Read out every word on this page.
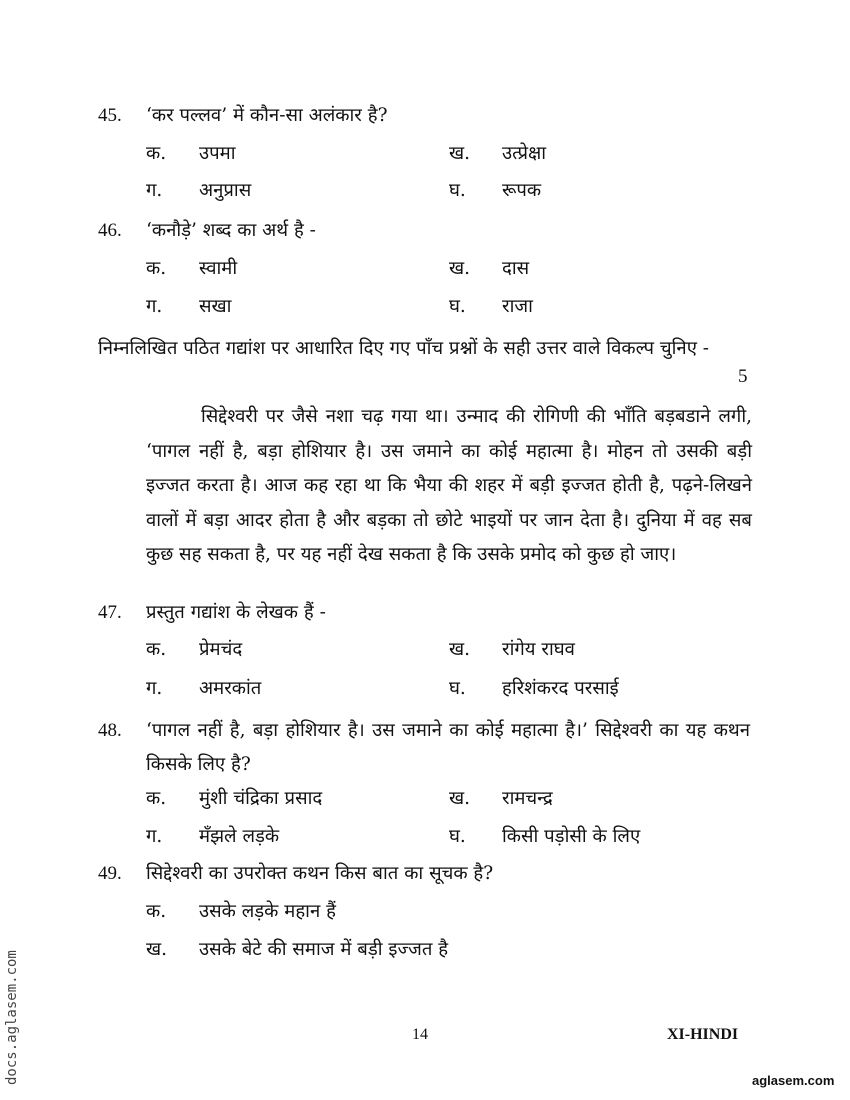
45.	‘कर पल्लव’ में कौन-सा अलंकार है?
क. उपमा	ख. उत्प्रेक्षा
ग. अनुप्रास	घ. रूपक
46.	‘कनौड़े’ शब्द का अर्थ है -
क. स्वामी	ख. दास
ग. सखा	घ. राजा
निम्नलिखित पठित गद्यांश पर आधारित दिए गए पाँच प्रश्नों के सही उत्तर वाले विकल्प चुनिए -
5
सिद्देश्वरी पर जैसे नशा चढ़ गया था। उन्माद की रोगिणी की भाँति बड़बडाने लगी, ‘पागल नहीं है, बड़ा होशियार है। उस जमाने का कोई महात्मा है। मोहन तो उसकी बड़ी इज्जत करता है। आज कह रहा था कि भैया की शहर में बड़ी इज्जत होती है, पढ़ने-लिखने वालों में बड़ा आदर होता है और बड़का तो छोटे भाइयों पर जान देता है। दुनिया में वह सब कुछ सह सकता है, पर यह नहीं देख सकता है कि उसके प्रमोद को कुछ हो जाए।
47.	प्रस्तुत गद्यांश के लेखक हैं -
क. प्रेमचंद	ख. रांगेय राघव
ग. अमरकांत	घ. हरिशंकरद परसाई
48.	‘पागल नहीं है, बड़ा होशियार है। उस जमाने का कोई महात्मा है।’ सिद्देश्वरी का यह कथन किसके लिए है?
क. मुंशी चंद्रिका प्रसाद	ख. रामचन्द्र
ग. मँझले लड़के	घ. किसी पड़ोसी के लिए
49.	सिद्देश्वरी का उपरोक्त कथन किस बात का सूचक है?
क. उसके लड़के महान हैं
ख. उसके बेटे की समाज में बड़ी इज्जत है
14	XI-HINDI
docs.aglasem.com	aglasem.com
